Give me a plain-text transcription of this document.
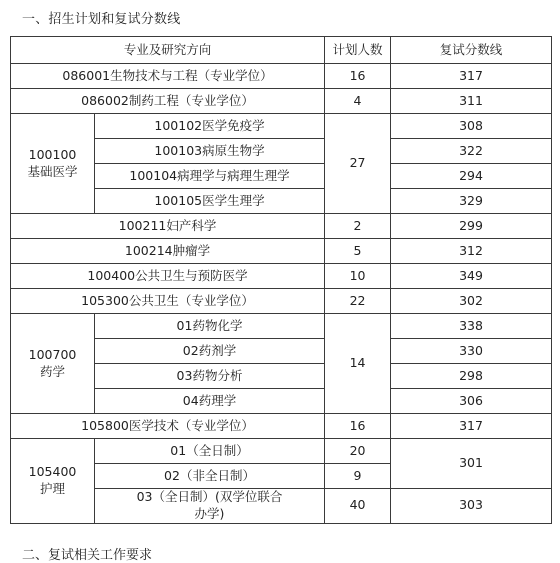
一、招生计划和复试分数线
专业及研究方向		计划人数	复试分数线
086001生物技术与工程（专业学位）		16	317
086002制药工程（专业学位）		4	311

100100基础医学	100102医学免疫学	27	308
	100103病原生物学		322
	100104病理学与病理生理学		294
	100105医学生理学		329
100211妇产科学		2	299
100214肿瘤学		5	312
100400公共卫生与预防医学		10	349
105300公共卫生（专业学位）		22	302

100700药学	01药物化学	14	338
	02药剂学		330
	03药物分析		298
	04药理学		306
105800医学技术（专业学位）		16	317

105400护理	01（全日制）	20	301
	02（非全日制）	9	

	03（全日制）(双学位联合办学)	40	303
二、复试相关工作要求
